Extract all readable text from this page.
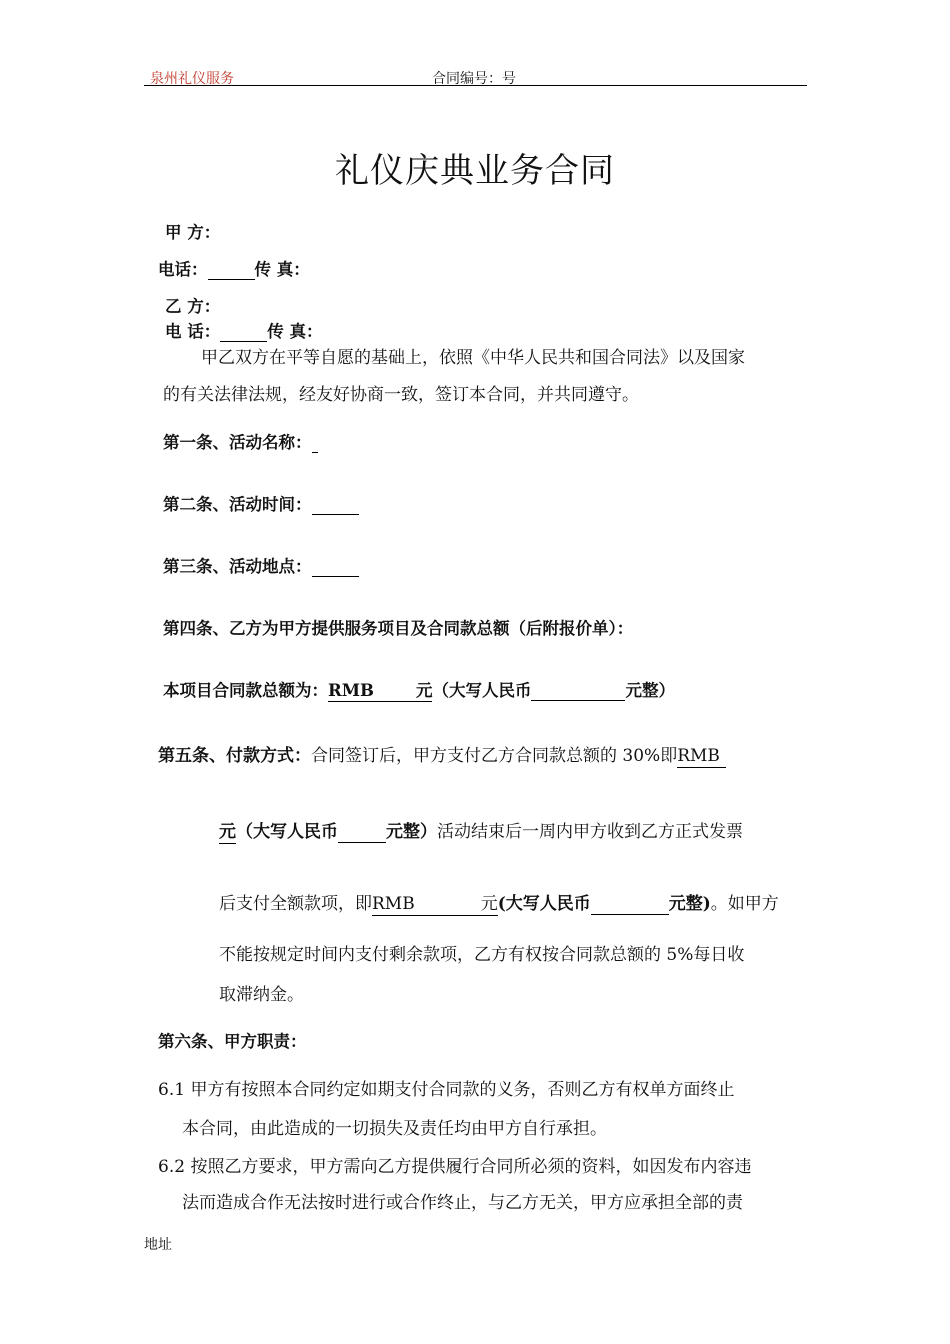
泉州礼仪服务	合同编号：号
礼仪庆典业务合同
甲 方：
电话：	传 真：
乙 方：
电 话：	传 真：
甲乙双方在平等自愿的基础上，依照《中华人民共和国合同法》以及国家
的有关法律法规，经友好协商一致，签订本合同，并共同遵守。
第一条、活动名称：
第二条、活动时间：
第三条、活动地点：
第四条、乙方为甲方提供服务项目及合同款总额（后附报价单）：
本项目合同款总额为：RMB	元（大写人民币	元整）
第五条、付款方式：合同签订后，甲方支付乙方合同款总额的 30%即RMB
元（大写人民币	元整）活动结束后一周内甲方收到乙方正式发票
后支付全额款项，即RMB	元(大写人民币	元整)。如甲方
不能按规定时间内支付剩余款项，乙方有权按合同款总额的 5%每日收
取滞纳金。
第六条、甲方职责：
6.1 甲方有按照本合同约定如期支付合同款的义务，否则乙方有权单方面终止
本合同，由此造成的一切损失及责任均由甲方自行承担。
6.2 按照乙方要求，甲方需向乙方提供履行合同所必须的资料，如因发布内容违
法而造成合作无法按时进行或合作终止，与乙方无关，甲方应承担全部的责
地址
